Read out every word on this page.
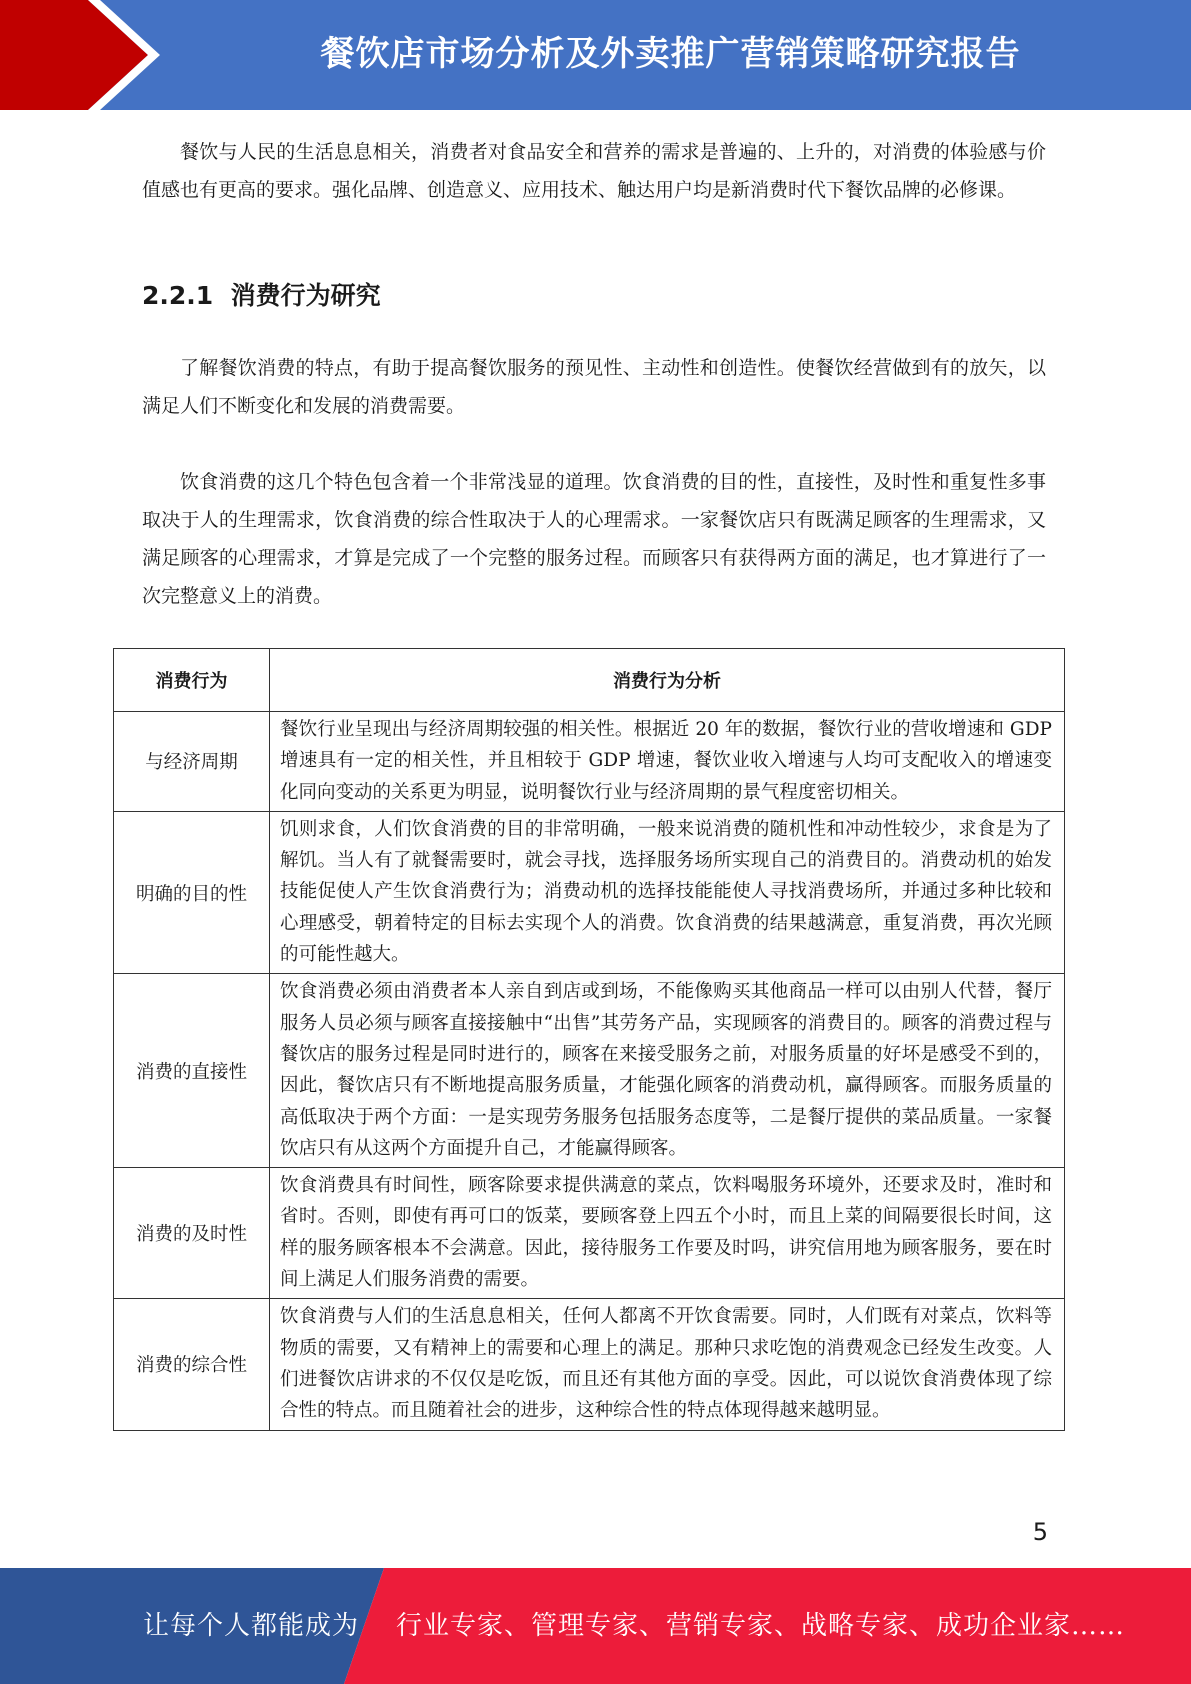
餐饮店市场分析及外卖推广营销策略研究报告

餐饮与人民的生活息息相关，消费者对食品安全和营养的需求是普遍的、上升的，对消费的体验感与价值感也有更高的要求。强化品牌、创造意义、应用技术、触达用户均是新消费时代下餐饮品牌的必修课。

2.2.1 消费行为研究

了解餐饮消费的特点，有助于提高餐饮服务的预见性、主动性和创造性。使餐饮经营做到有的放矢，以满足人们不断变化和发展的消费需要。

饮食消费的这几个特色包含着一个非常浅显的道理。饮食消费的目的性，直接性，及时性和重复性多事取决于人的生理需求，饮食消费的综合性取决于人的心理需求。一家餐饮店只有既满足顾客的生理需求，又满足顾客的心理需求，才算是完成了一个完整的服务过程。而顾客只有获得两方面的满足，也才算进行了一次完整意义上的消费。

消费行为	消费行为分析
与经济周期	餐饮行业呈现出与经济周期较强的相关性。根据近 20 年的数据，餐饮行业的营收增速和 GDP 增速具有一定的相关性，并且相较于 GDP 增速，餐饮业收入增速与人均可支配收入的增速变化同向变动的关系更为明显，说明餐饮行业与经济周期的景气程度密切相关。
明确的目的性	饥则求食，人们饮食消费的目的非常明确，一般来说消费的随机性和冲动性较少，求食是为了解饥。当人有了就餐需要时，就会寻找，选择服务场所实现自己的消费目的。消费动机的始发技能促使人产生饮食消费行为；消费动机的选择技能能使人寻找消费场所，并通过多种比较和心理感受，朝着特定的目标去实现个人的消费。饮食消费的结果越满意，重复消费，再次光顾的可能性越大。
消费的直接性	饮食消费必须由消费者本人亲自到店或到场，不能像购买其他商品一样可以由别人代替，餐厅服务人员必须与顾客直接接触中“出售”其劳务产品，实现顾客的消费目的。顾客的消费过程与餐饮店的服务过程是同时进行的，顾客在来接受服务之前，对服务质量的好坏是感受不到的，因此，餐饮店只有不断地提高服务质量，才能强化顾客的消费动机，赢得顾客。而服务质量的高低取决于两个方面：一是实现劳务服务包括服务态度等，二是餐厅提供的菜品质量。一家餐饮店只有从这两个方面提升自己，才能赢得顾客。
消费的及时性	饮食消费具有时间性，顾客除要求提供满意的菜点，饮料喝服务环境外，还要求及时，准时和省时。否则，即使有再可口的饭菜，要顾客登上四五个小时，而且上菜的间隔要很长时间，这样的服务顾客根本不会满意。因此，接待服务工作要及时吗，讲究信用地为顾客服务，要在时间上满足人们服务消费的需要。
消费的综合性	饮食消费与人们的生活息息相关，任何人都离不开饮食需要。同时，人们既有对菜点，饮料等物质的需要，又有精神上的需要和心理上的满足。那种只求吃饱的消费观念已经发生改变。人们进餐饮店讲求的不仅仅是吃饭，而且还有其他方面的享受。因此，可以说饮食消费体现了综合性的特点。而且随着社会的进步，这种综合性的特点体现得越来越明显。
5
让每个人都能成为 行业专家、管理专家、营销专家、战略专家、成功企业家……
